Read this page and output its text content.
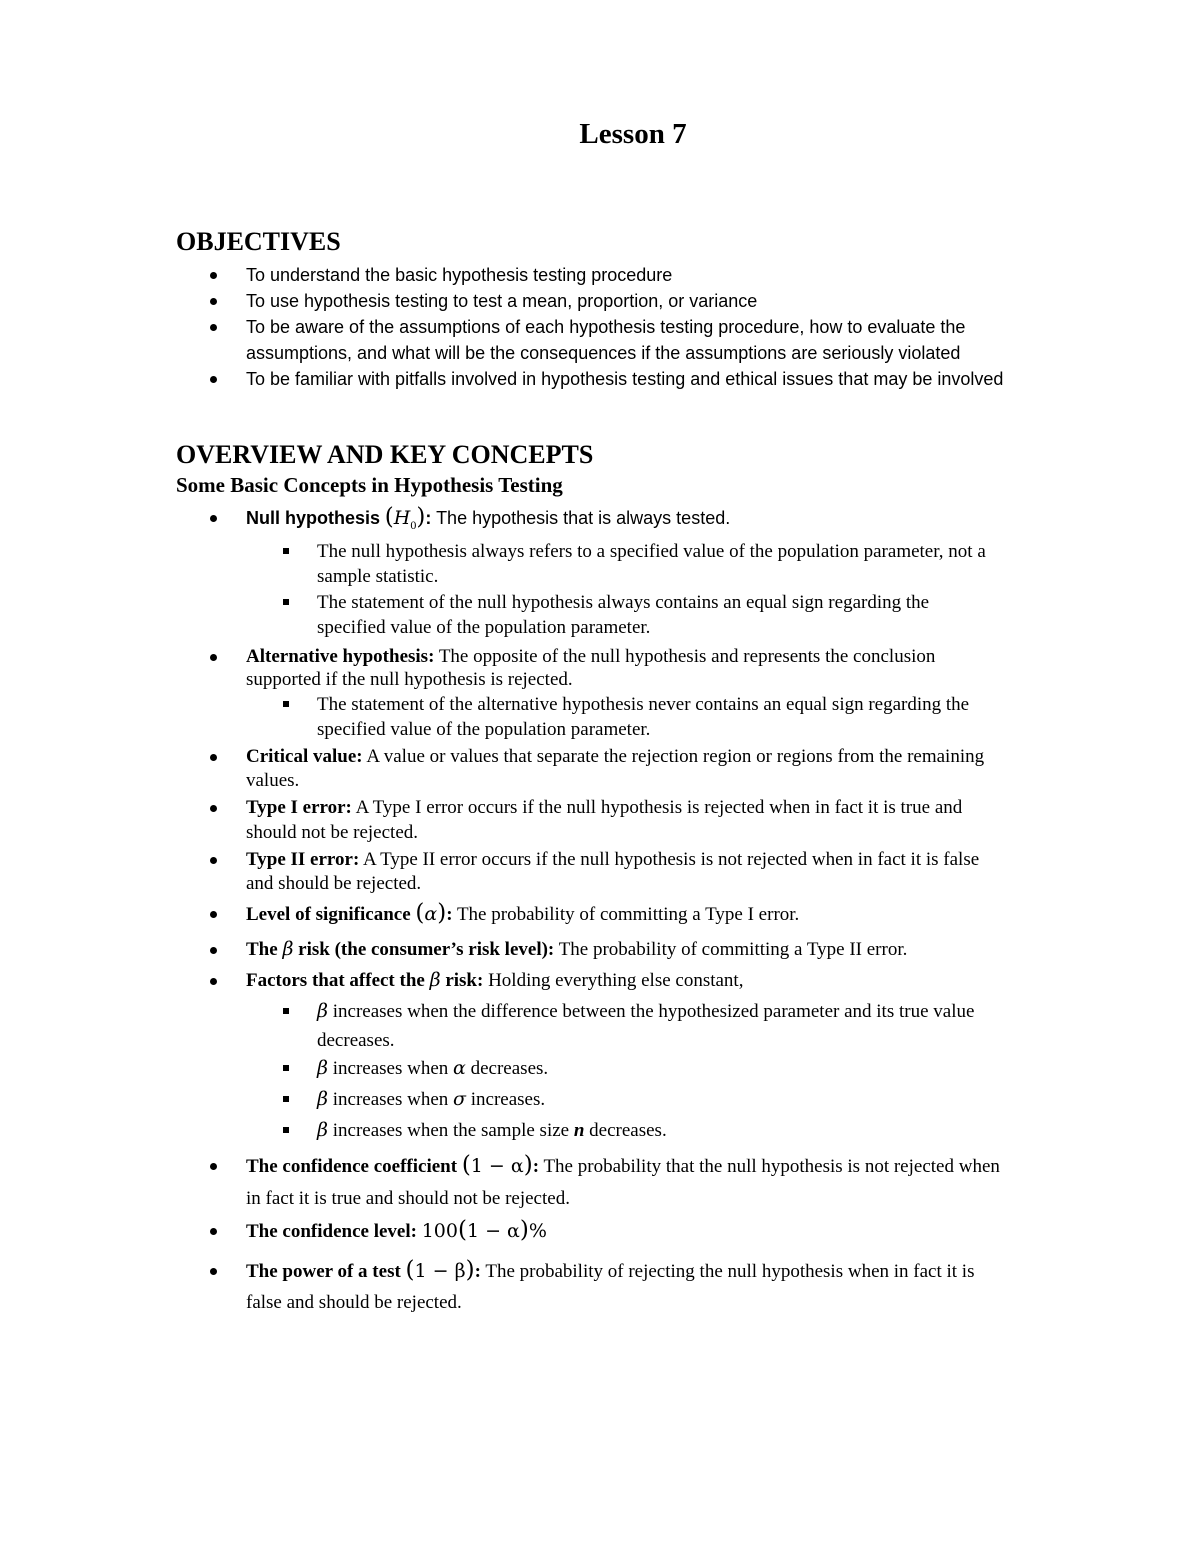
Lesson 7
OBJECTIVES
To understand the basic hypothesis testing procedure
To use hypothesis testing to test a mean, proportion, or variance
To be aware of the assumptions of each hypothesis testing procedure, how to evaluate the
assumptions, and what will be the consequences if the assumptions are seriously violated
To be familiar with pitfalls involved in hypothesis testing and ethical issues that may be involved
OVERVIEW AND KEY CONCEPTS
Some Basic Concepts in Hypothesis Testing
Null hypothesis $(H_0)$: The hypothesis that is always tested.
The null hypothesis always refers to a specified value of the population parameter, not a
sample statistic.
The statement of the null hypothesis always contains an equal sign regarding the
specified value of the population parameter.
Alternative hypothesis: The opposite of the null hypothesis and represents the conclusion
supported if the null hypothesis is rejected.
The statement of the alternative hypothesis never contains an equal sign regarding the
specified value of the population parameter.
Critical value: A value or values that separate the rejection region or regions from the remaining
values.
Type I error: A Type I error occurs if the null hypothesis is rejected when in fact it is true and
should not be rejected.
Type II error: A Type II error occurs if the null hypothesis is not rejected when in fact it is false
and should be rejected.
Level of significance (α): The probability of committing a Type I error.
The β risk (the consumer’s risk level): The probability of committing a Type II error.
Factors that affect the β risk: Holding everything else constant,
β increases when the difference between the hypothesized parameter and its true value
decreases.
β increases when α decreases.
β increases when σ increases.
β increases when the sample size n decreases.
The confidence coefficient (1 − α): The probability that the null hypothesis is not rejected when
in fact it is true and should not be rejected.
The confidence level: 100(1 − α)%
The power of a test (1 − β): The probability of rejecting the null hypothesis when in fact it is
false and should be rejected.
